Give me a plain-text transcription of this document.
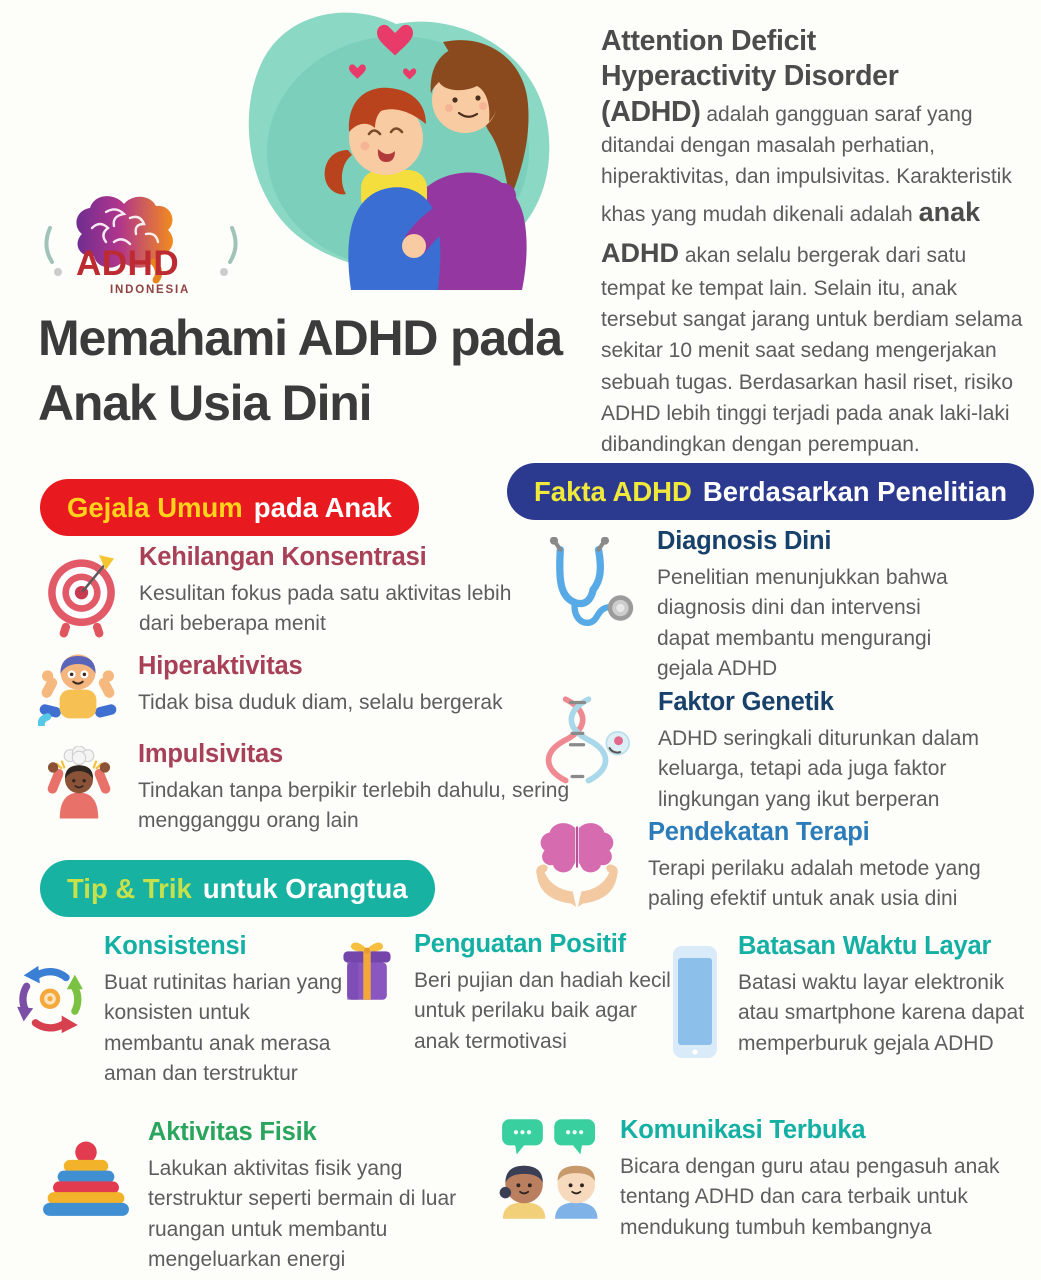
ADHD
INDONESIA
Memahami ADHD pada Anak Usia Dini
Attention Deficit
Hyperactivity Disorder
(ADHD) adalah gangguan saraf yang ditandai dengan masalah perhatian, hiperaktivitas, dan impulsivitas. Karakteristik khas yang mudah dikenali adalah anak ADHD akan selalu bergerak dari satu tempat ke tempat lain. Selain itu, anak tersebut sangat jarang untuk berdiam selama sekitar 10 menit saat sedang mengerjakan sebuah tugas. Berdasarkan hasil riset, risiko ADHD lebih tinggi terjadi pada anak laki-laki dibandingkan dengan perempuan.
Gejala Umum pada Anak
Kehilangan Konsentrasi

Kesulitan fokus pada satu aktivitas lebih dari beberapa menit

Hiperaktivitas

Tidak bisa duduk diam, selalu bergerak

Impulsivitas

Tindakan tanpa berpikir terlebih dahulu, sering mengganggu orang lain

Fakta ADHD Berdasarkan Penelitian
Diagnosis Dini

Penelitian menunjukkan bahwa diagnosis dini dan intervensi dapat membantu mengurangi gejala ADHD

Faktor Genetik

ADHD seringkali diturunkan dalam keluarga, tetapi ada juga faktor lingkungan yang ikut berperan

Pendekatan Terapi

Terapi perilaku adalah metode yang paling efektif untuk anak usia dini

Tip & Trik untuk Orangtua
Konsistensi

Buat rutinitas harian yang konsisten untuk membantu anak merasa aman dan terstruktur

Penguatan Positif

Beri pujian dan hadiah kecil untuk perilaku baik agar anak termotivasi

Batasan Waktu Layar

Batasi waktu layar elektronik atau smartphone karena dapat memperburuk gejala ADHD

Aktivitas Fisik

Lakukan aktivitas fisik yang terstruktur seperti bermain di luar ruangan untuk membantu mengeluarkan energi

Komunikasi Terbuka

Bicara dengan guru atau pengasuh anak tentang ADHD dan cara terbaik untuk mendukung tumbuh kembangnya
